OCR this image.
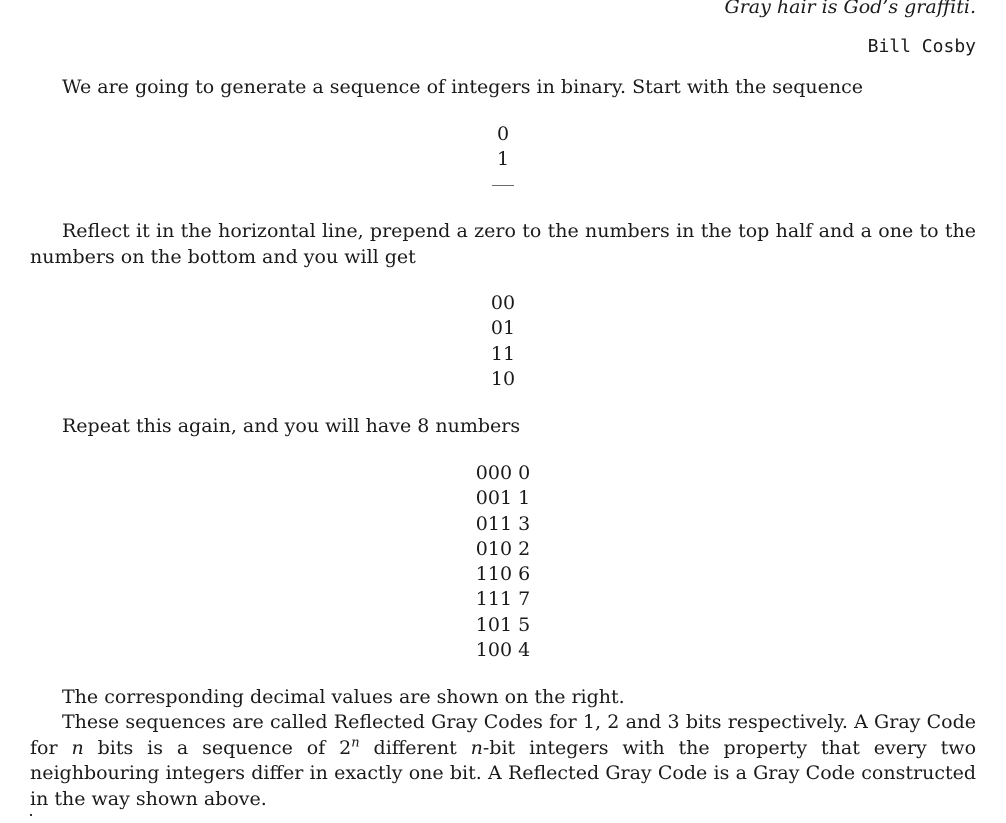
Gray hair is God’s graffiti.
Bill Cosby

We are going to generate a sequence of integers in binary. Start with the sequence

0
1

Reflect it in the horizontal line, prepend a zero to the numbers in the top half and a one to the numbers on the bottom and you will get

00
01
11
10

Repeat this again, and you will have 8 numbers

000 0
001 1
011 3
010 2
110 6
111 7
101 5
100 4

The corresponding decimal values are shown on the right.

These sequences are called Reflected Gray Codes for 1, 2 and 3 bits respectively. A Gray Code for n bits is a sequence of 2$^n$ different n-bit integers with the property that every two neighbouring integers differ in exactly one bit. A Reflected Gray Code is a Gray Code constructed in the way shown above.
